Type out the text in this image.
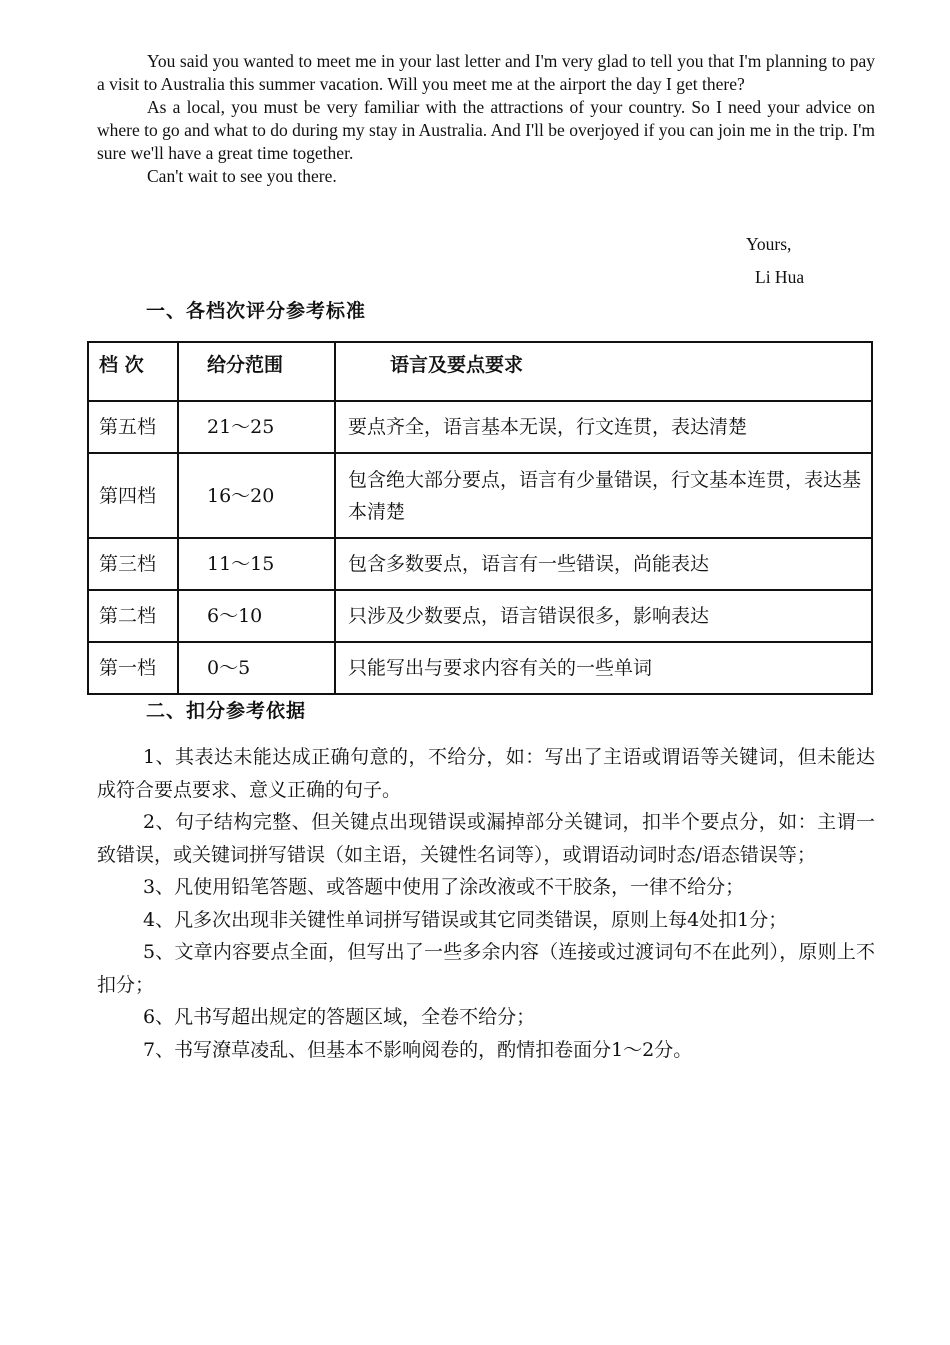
You said you wanted to meet me in your last letter and I'm very glad to tell you that I'm planning to pay a visit to Australia this summer vacation. Will you meet me at the airport the day I get there?

As a local, you must be very familiar with the attractions of your country. So I need your advice on where to go and what to do during my stay in Australia. And I'll be overjoyed if you can join me in the trip. I'm sure we'll have a great time together.

Can't wait to see you there.

Yours,
Li Hua
一、各档次评分参考标准
档 次	给分范围	语言及要点要求
第五档	21～25	要点齐全，语言基本无误，行文连贯，表达清楚
第四档	16～20	包含绝大部分要点，语言有少量错误，行文基本连贯，表达基本清楚
第三档	11～15	包含多数要点，语言有一些错误，尚能表达
第二档	6～10	只涉及少数要点，语言错误很多，影响表达
第一档	0～5	只能写出与要求内容有关的一些单词
二、扣分参考依据

1、其表达未能达成正确句意的，不给分，如：写出了主语或谓语等关键词，但未能达成符合要点要求、意义正确的句子。

2、句子结构完整、但关键点出现错误或漏掉部分关键词，扣半个要点分，如：主谓一致错误，或关键词拼写错误（如主语，关键性名词等），或谓语动词时态/语态错误等；

3、凡使用铅笔答题、或答题中使用了涂改液或不干胶条，一律不给分；

4、凡多次出现非关键性单词拼写错误或其它同类错误，原则上每4处扣1分；

5、文章内容要点全面，但写出了一些多余内容（连接或过渡词句不在此列），原则上不扣分；

6、凡书写超出规定的答题区域，全卷不给分；

7、书写潦草凌乱、但基本不影响阅卷的，酌情扣卷面分1～2分。
